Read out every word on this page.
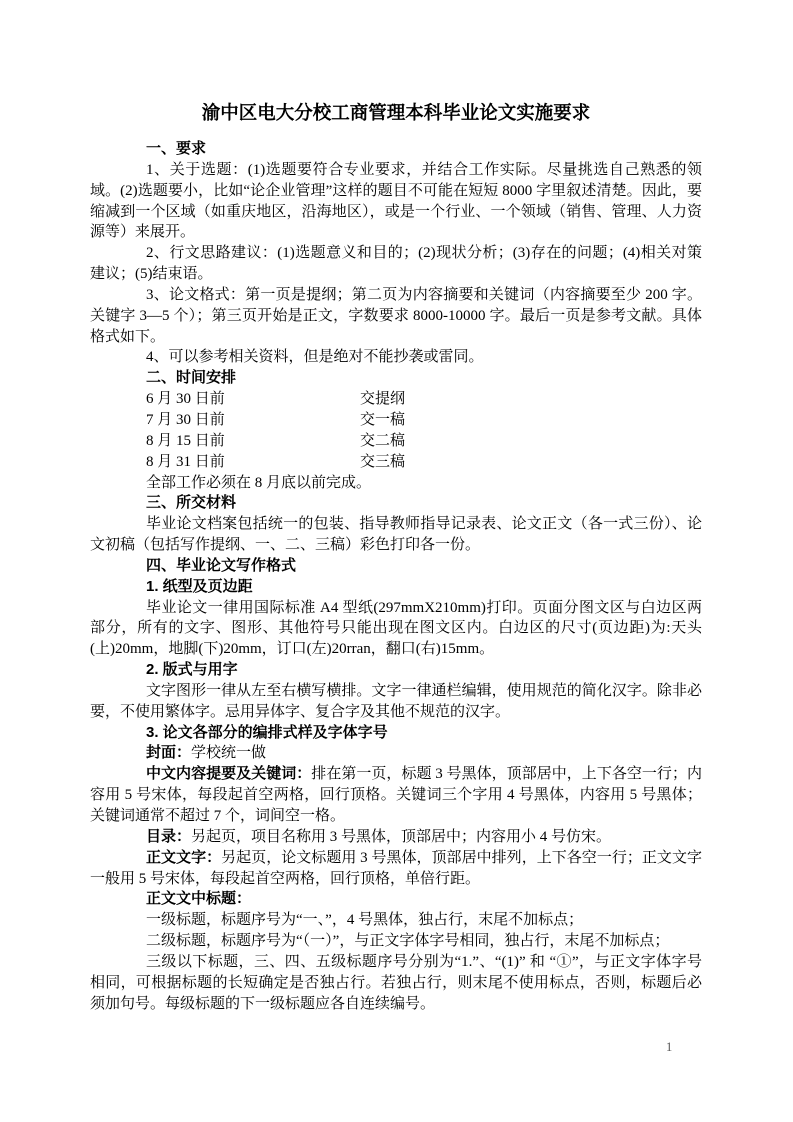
渝中区电大分校工商管理本科毕业论文实施要求
一、要求
1、关于选题：(1)选题要符合专业要求，并结合工作实际。尽量挑选自己熟悉的领域。(2)选题要小，比如“论企业管理”这样的题目不可能在短短 8000 字里叙述清楚。因此，要缩减到一个区域（如重庆地区，沿海地区），或是一个行业、一个领域（销售、管理、人力资源等）来展开。
2、行文思路建议：(1)选题意义和目的；(2)现状分析；(3)存在的问题；(4)相关对策建议；(5)结束语。
3、论文格式：第一页是提纲；第二页为内容摘要和关键词（内容摘要至少 200 字。关键字 3—5 个）；第三页开始是正文，字数要求 8000-10000 字。最后一页是参考文献。具体格式如下。
4、可以参考相关资料，但是绝对不能抄袭或雷同。
二、时间安排
6 月 30 日前	交提纲
7 月 30 日前	交一稿
8 月 15 日前	交二稿
8 月 31 日前	交三稿
全部工作必须在 8 月底以前完成。
三、所交材料
毕业论文档案包括统一的包装、指导教师指导记录表、论文正文（各一式三份）、论文初稿（包括写作提纲、一、二、三稿）彩色打印各一份。
四、毕业论文写作格式
1. 纸型及页边距
毕业论文一律用国际标准 A4 型纸(297mmX210mm)打印。页面分图文区与白边区两部分，所有的文字、图形、其他符号只能出现在图文区内。白边区的尺寸(页边距)为:天头(上)20mm，地脚(下)20mm，订口(左)20rran，翻口(右)15mm。
2. 版式与用字
文字图形一律从左至右横写横排。文字一律通栏编辑，使用规范的简化汉字。除非必要，不使用繁体字。忌用异体字、复合字及其他不规范的汉字。
3. 论文各部分的编排式样及字体字号
封面：学校统一做
中文内容提要及关键词：排在第一页，标题 3 号黑体，顶部居中，上下各空一行；内容用 5 号宋体，每段起首空两格，回行顶格。关键词三个字用 4 号黑体，内容用 5 号黑体；关键词通常不超过 7 个，词间空一格。
目录：另起页，项目名称用 3 号黑体，顶部居中；内容用小 4 号仿宋。
正文文字：另起页，论文标题用 3 号黑体，顶部居中排列，上下各空一行；正文文字一般用 5 号宋体，每段起首空两格，回行顶格，单倍行距。
正文文中标题：
一级标题，标题序号为“一、”，4 号黑体，独占行，末尾不加标点；
二级标题，标题序号为“（一）”，与正文字体字号相同，独占行，末尾不加标点；
三级以下标题，三、四、五级标题序号分别为“1.”、“(1)” 和 “①”，与正文字体字号相同，可根据标题的长短确定是否独占行。若独占行，则末尾不使用标点，否则，标题后必须加句号。每级标题的下一级标题应各自连续编号。
1
